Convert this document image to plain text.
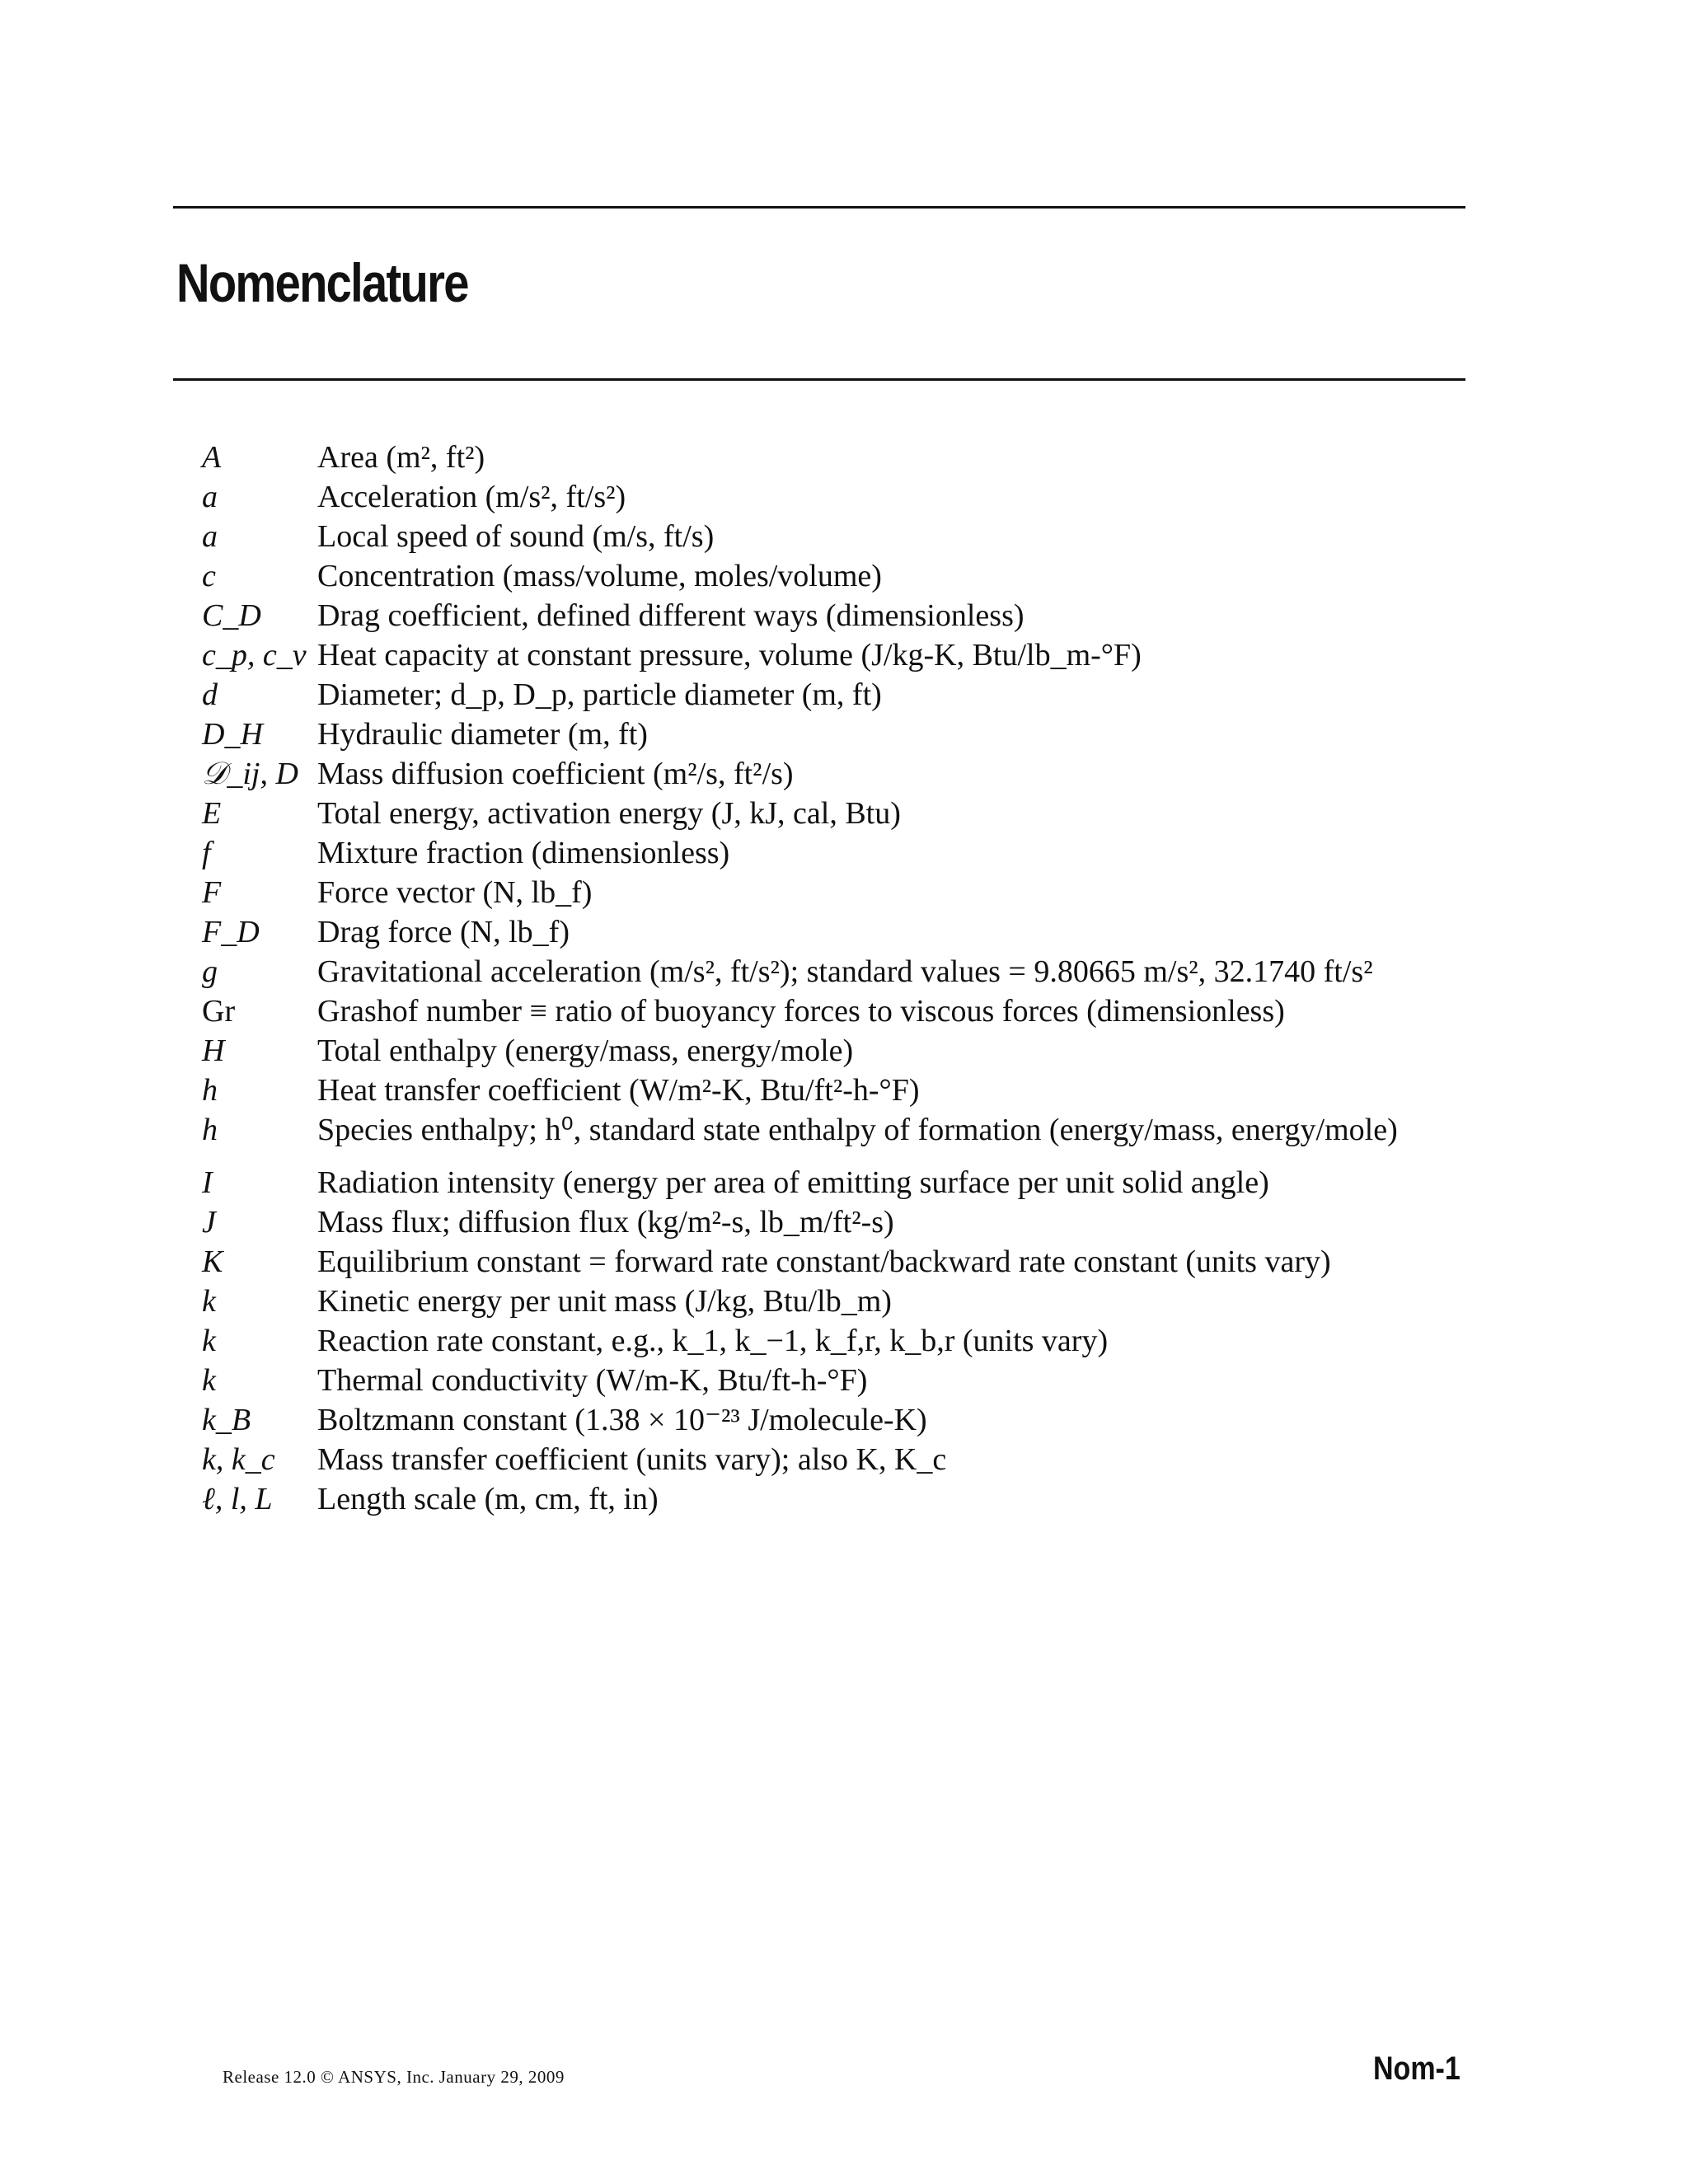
Nomenclature
A	Area (m², ft²)
a⃗	Acceleration (m/s², ft/s²)
a	Local speed of sound (m/s, ft/s)
c	Concentration (mass/volume, moles/volume)
C_D	Drag coefficient, defined different ways (dimensionless)
c_p, c_v Heat capacity at constant pressure, volume (J/kg-K, Btu/lb_m-°F)
d	Diameter; d_p, D_p, particle diameter (m, ft)
D_H	Hydraulic diameter (m, ft)
𝒟_ij, D Mass diffusion coefficient (m²/s, ft²/s)
E	Total energy, activation energy (J, kJ, cal, Btu)
f	Mixture fraction (dimensionless)
F⃗	Force vector (N, lb_f)
F_D	Drag force (N, lb_f)
g⃗	Gravitational acceleration (m/s², ft/s²); standard values = 9.80665 m/s², 32.1740 ft/s²
Gr	Grashof number ≡ ratio of buoyancy forces to viscous forces (dimensionless)
H	Total enthalpy (energy/mass, energy/mole)
h	Heat transfer coefficient (W/m²-K, Btu/ft²-h-°F)
h	Species enthalpy; h⁰, standard state enthalpy of formation (energy/mass, energy/mole)
I	Radiation intensity (energy per area of emitting surface per unit solid angle)
J	Mass flux; diffusion flux (kg/m²-s, lb_m/ft²-s)
K	Equilibrium constant = forward rate constant/backward rate constant (units vary)
k	Kinetic energy per unit mass (J/kg, Btu/lb_m)
k	Reaction rate constant, e.g., k_1, k_−1, k_f,r, k_b,r (units vary)
k	Thermal conductivity (W/m-K, Btu/ft-h-°F)
k_B	Boltzmann constant (1.38 × 10⁻²³ J/molecule-K)
k, k_c	Mass transfer coefficient (units vary); also K, K_c
ℓ, l, L	Length scale (m, cm, ft, in)
Release 12.0 © ANSYS, Inc. January 29, 2009	Nom-1
